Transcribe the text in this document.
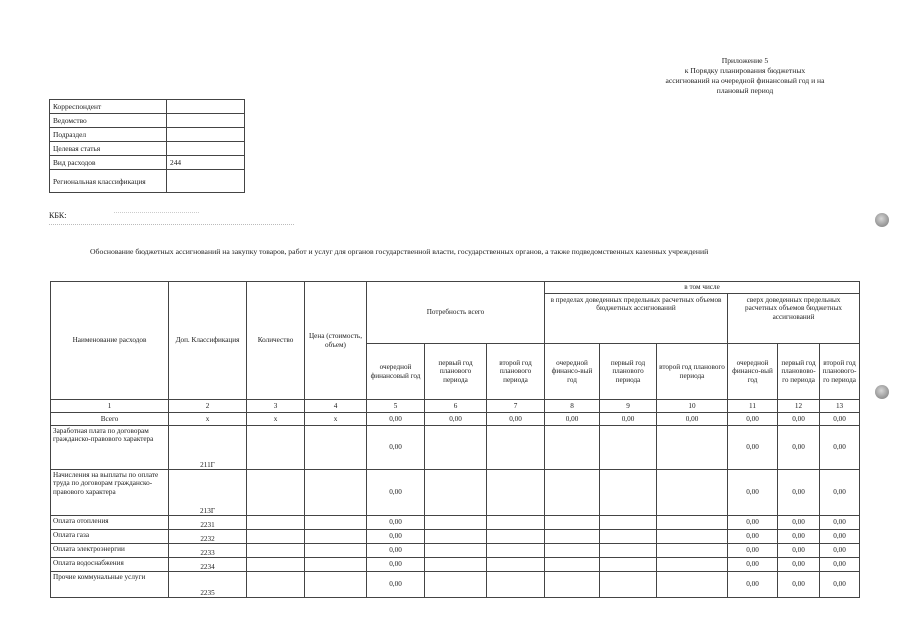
Приложение 5
к Порядку планирования бюджетных
ассигнований на очередной финансовый год и на
плановый период
Корреспондент	
Ведомство	
Подраздел	
Целевая статья	
Вид расходов	244
Региональная классификация	
КБК:
Обоснование бюджетных ассигнований на закупку товаров, работ и услуг для органов государственной власти, государственных органов, а также подведомственных казенных учреждений
Наименование расходов	Доп. Классификация	Количество	Цена (стоимость, объем)	Потребность всего			в том числе					
							в пределах доведенных предельных расчетных объемов бюджетных ассигнований			сверх доведенных предельных расчетных объемов бюджетных ассигнований		
				очередной финансовый год	первый год планового периода	второй год планового периода	очередной финансо-вый год	первый год планового периода	второй год планового периода	очередной финансо-вый год	первый год плановово-го периода	второй год планового-го периода
1	2	3	4	5	6	7	8	9	10	11	12	13
Всего	х	х	х	0,00	0,00	0,00	0,00	0,00	0,00	0,00	0,00	0,00
Заработная плата по договорам гражданско-правового характера	211Г			0,00						0,00	0,00	0,00
Начисления на выплаты по оплате труда по договорам гражданско-правового характера	213Г			0,00						0,00	0,00	0,00
Оплата отопления	2231			0,00						0,00	0,00	0,00
Оплата газа	2232			0,00						0,00	0,00	0,00
Оплата электроэнергии	2233			0,00						0,00	0,00	0,00
Оплата водоснабжения	2234			0,00						0,00	0,00	0,00
Прочие коммунальные услуги	2235			0,00						0,00	0,00	0,00
